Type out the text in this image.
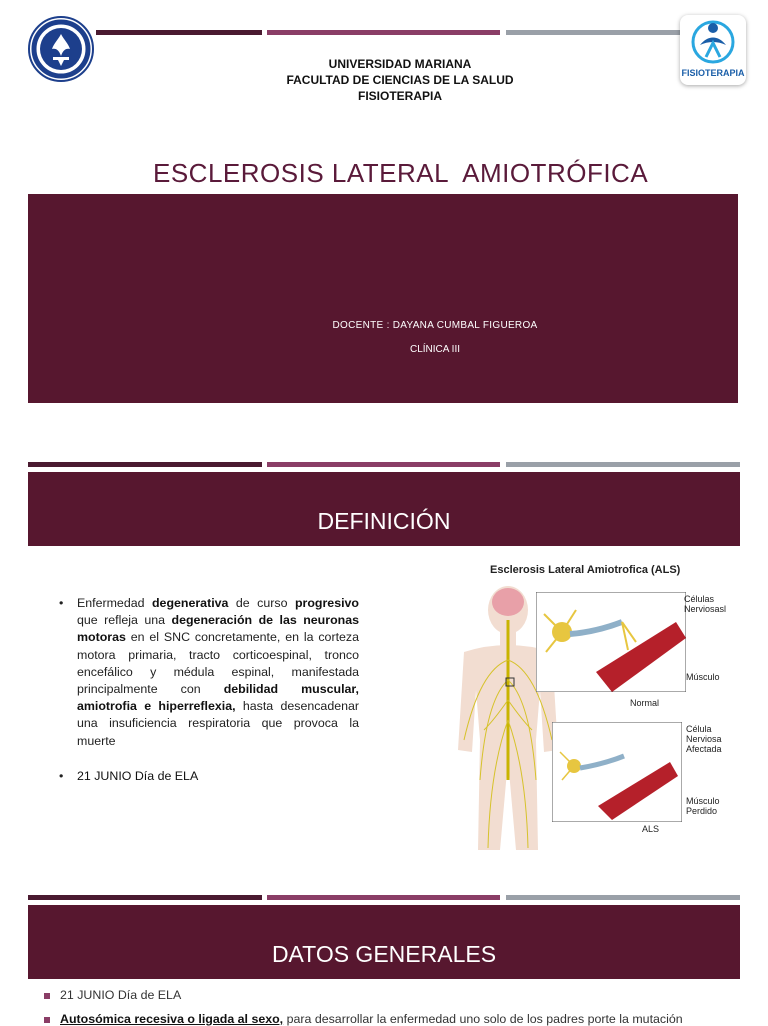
FISIOTERAPIA
UNIVERSIDAD MARIANA
FACULTAD DE CIENCIAS DE LA SALUD
FISIOTERAPIA
ESCLEROSIS LATERAL  AMIOTRÓFICA
DOCENTE : DAYANA CUMBAL FIGUEROA
CLÍNICA III
DEFINICIÓN
• Enfermedad degenerativa de curso progresivo que refleja una degeneración de las neuronas motoras en el SNC concretamente, en la corteza motora primaria, tracto corticoespinal, tronco encefálico y médula espinal, manifestada principalmente con debilidad muscular, amiotrofia e hiperreflexia, hasta desencadenar una insuficiencia respiratoria que provoca la muerte
• 21 JUNIO Día de ELA
Esclerosis Lateral Amiotrofica (ALS)
Células Nerviosasl
Músculo
Normal
Célula Nerviosa Afectada
Músculo Perdido
ALS
DATOS GENERALES
21 JUNIO Día de ELA
Autosómica recesiva o ligada al sexo, para desarrollar la enfermedad uno solo de los padres porte la mutación
